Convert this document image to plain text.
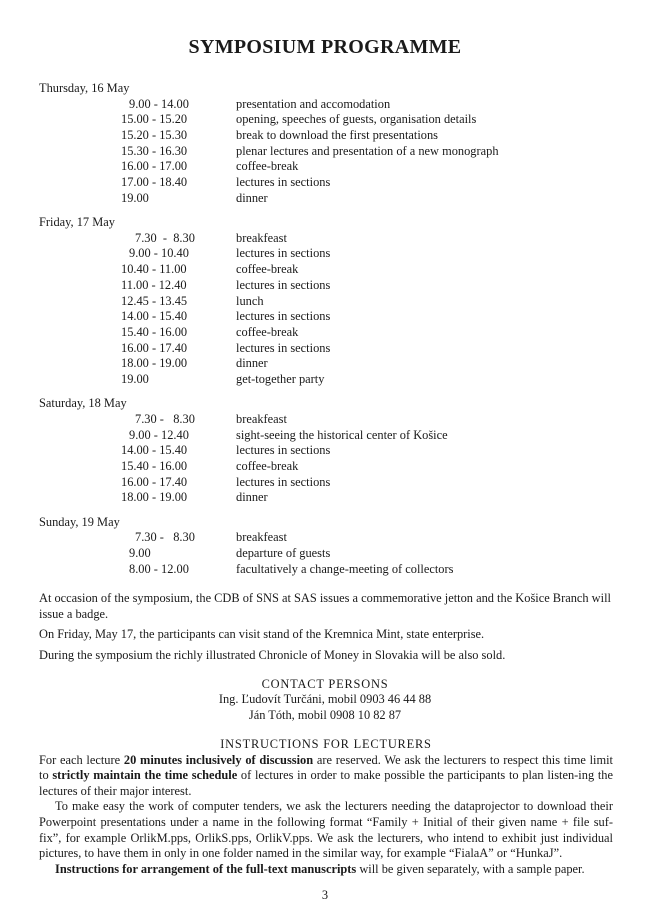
SYMPOSIUM PROGRAMME
Thursday, 16 May
9.00 - 14.00	presentation and accomodation
15.00 - 15.20	opening, speeches of guests, organisation details
15.20 - 15.30	break to download the first presentations
15.30 - 16.30	plenar lectures and presentation of a new monograph
16.00 - 17.00	coffee-break
17.00 - 18.40	lectures in sections
19.00	dinner
Friday, 17 May
7.30  -  8.30	breakfeast
9.00 - 10.40	lectures in sections
10.40 - 11.00	coffee-break
11.00 - 12.40	lectures in sections
12.45 - 13.45	lunch
14.00 - 15.40	lectures in sections
15.40 - 16.00	coffee-break
16.00 - 17.40	lectures in sections
18.00 - 19.00	dinner
19.00	get-together party
Saturday, 18 May
7.30 -   8.30	breakfeast
9.00 - 12.40	sight-seeing the historical center of Košice
14.00 - 15.40	lectures in sections
15.40 - 16.00	coffee-break
16.00 - 17.40	lectures in sections
18.00 - 19.00	dinner
Sunday, 19 May
7.30 -   8.30	breakfeast
9.00	departure of guests
8.00 - 12.00	facultatively a change-meeting of collectors

At occasion of the symposium, the CDB of SNS at SAS issues a commemorative jetton and the Košice Branch will issue a badge.

On Friday, May 17, the participants can visit stand of the Kremnica Mint, state enterprise.

During the symposium the richly illustrated Chronicle of Money in Slovakia will be also sold.

CONTACT PERSONS
Ing. Ľudovít Turčáni, mobil 0903 46 44 88
Ján Tóth, mobil 0908 10 82 87
INSTRUCTIONS FOR LECTURERS

For each lecture 20 minutes inclusively of discussion are reserved. We ask the lecturers to respect this time limit to strictly maintain the time schedule of lectures in order to make possible the participants to plan listen-ing the lectures of their major interest.

To make easy the work of computer tenders, we ask the lecturers needing the dataprojector to download their Powerpoint presentations under a name in the following format “Family + Initial of their given name + file suf-fix”, for example OrlikM.pps, OrlikS.pps, OrlikV.pps. We ask the lecturers, who intend to exhibit just individual pictures, to have them in only in one folder named in the similar way, for example “FialaA” or “HunkaJ”.

Instructions for arrangement of the full-text manuscripts will be given separately, with a sample paper.

3
